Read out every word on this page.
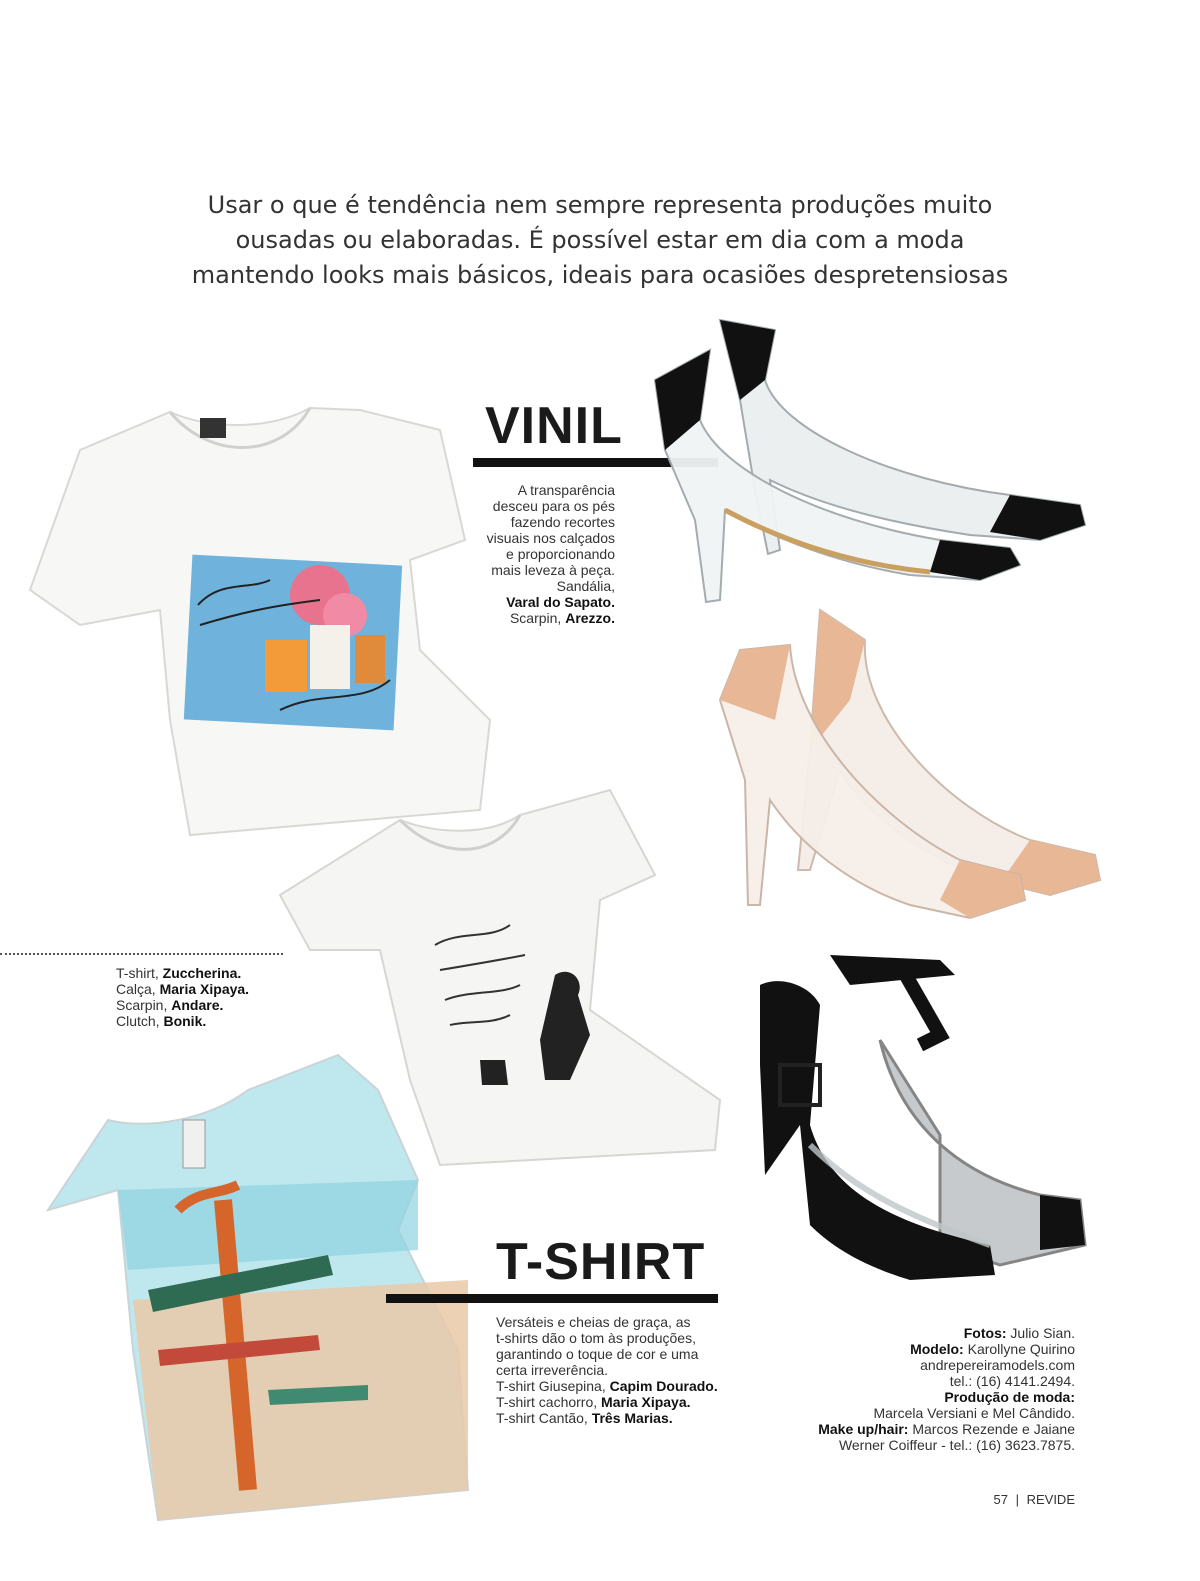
Usar o que é tendência nem sempre representa produções muito
ousadas ou elaboradas. É possível estar em dia com a moda
mantendo looks mais básicos, ideais para ocasiões despretensiosas
VINIL
A transparência
desceu para os pés
fazendo recortes
visuais nos calçados
e proporcionando
mais leveza à peça.
Sandália,
Varal do Sapato.
Scarpin, Arezzo.
T-shirt, Zuccherina.
Calça, Maria Xipaya.
Scarpin, Andare.
Clutch, Bonik.
T-SHIRT
Versáteis e cheias de graça, as
t-shirts dão o tom às produções,
garantindo o toque de cor e uma
certa irreverência.
T-shirt Giusepina, Capim Dourado.
T-shirt cachorro, Maria Xipaya.
T-shirt Cantão, Três Marias.
Fotos: Julio Sian.
Modelo: Karollyne Quirino
andrepereiramodels.com
tel.: (16) 4141.2494.
Produção de moda:
Marcela Versiani e Mel Cândido.
Make up/hair: Marcos Rezende e Jaiane
Werner Coiffeur - tel.: (16) 3623.7875.
57 | REVIDE
